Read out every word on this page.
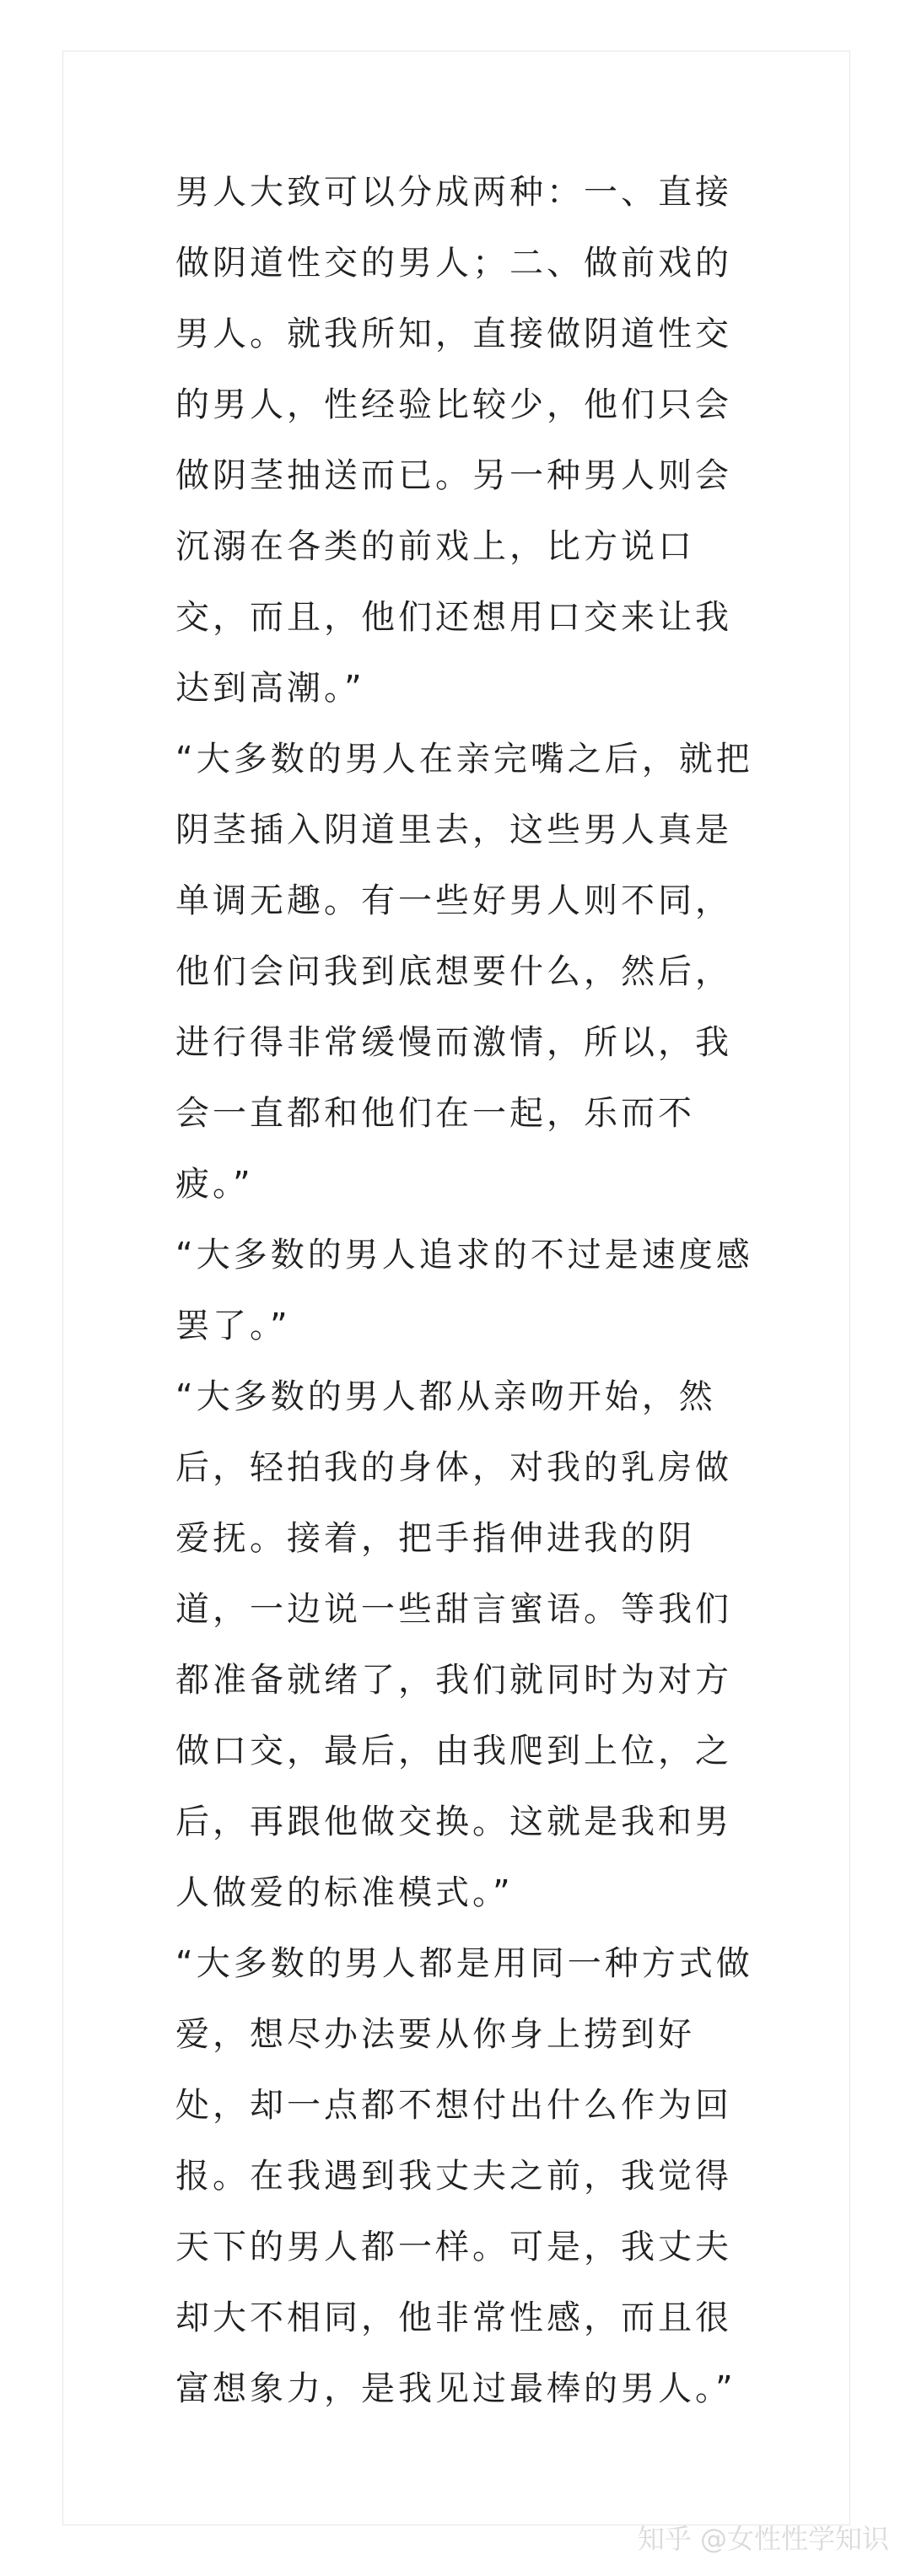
男人大致可以分成两种：一、直接
做阴道性交的男人；二、做前戏的
男人。就我所知，直接做阴道性交
的男人，性经验比较少，他们只会
做阴茎抽送而已。另一种男人则会
沉溺在各类的前戏上，比方说口
交，而且，他们还想用口交来让我
达到高潮。”
“大多数的男人在亲完嘴之后，就把
阴茎插入阴道里去，这些男人真是
单调无趣。有一些好男人则不同，
他们会问我到底想要什么，然后，
进行得非常缓慢而激情，所以，我
会一直都和他们在一起，乐而不
疲。”
“大多数的男人追求的不过是速度感
罢了。”
“大多数的男人都从亲吻开始，然
后，轻拍我的身体，对我的乳房做
爱抚。接着，把手指伸进我的阴
道，一边说一些甜言蜜语。等我们
都准备就绪了，我们就同时为对方
做口交，最后，由我爬到上位，之
后，再跟他做交换。这就是我和男
人做爱的标准模式。”
“大多数的男人都是用同一种方式做
爱，想尽办法要从你身上捞到好
处，却一点都不想付出什么作为回
报。在我遇到我丈夫之前，我觉得
天下的男人都一样。可是，我丈夫
却大不相同，他非常性感，而且很
富想象力，是我见过最棒的男人。”
知乎 @女性性学知识
